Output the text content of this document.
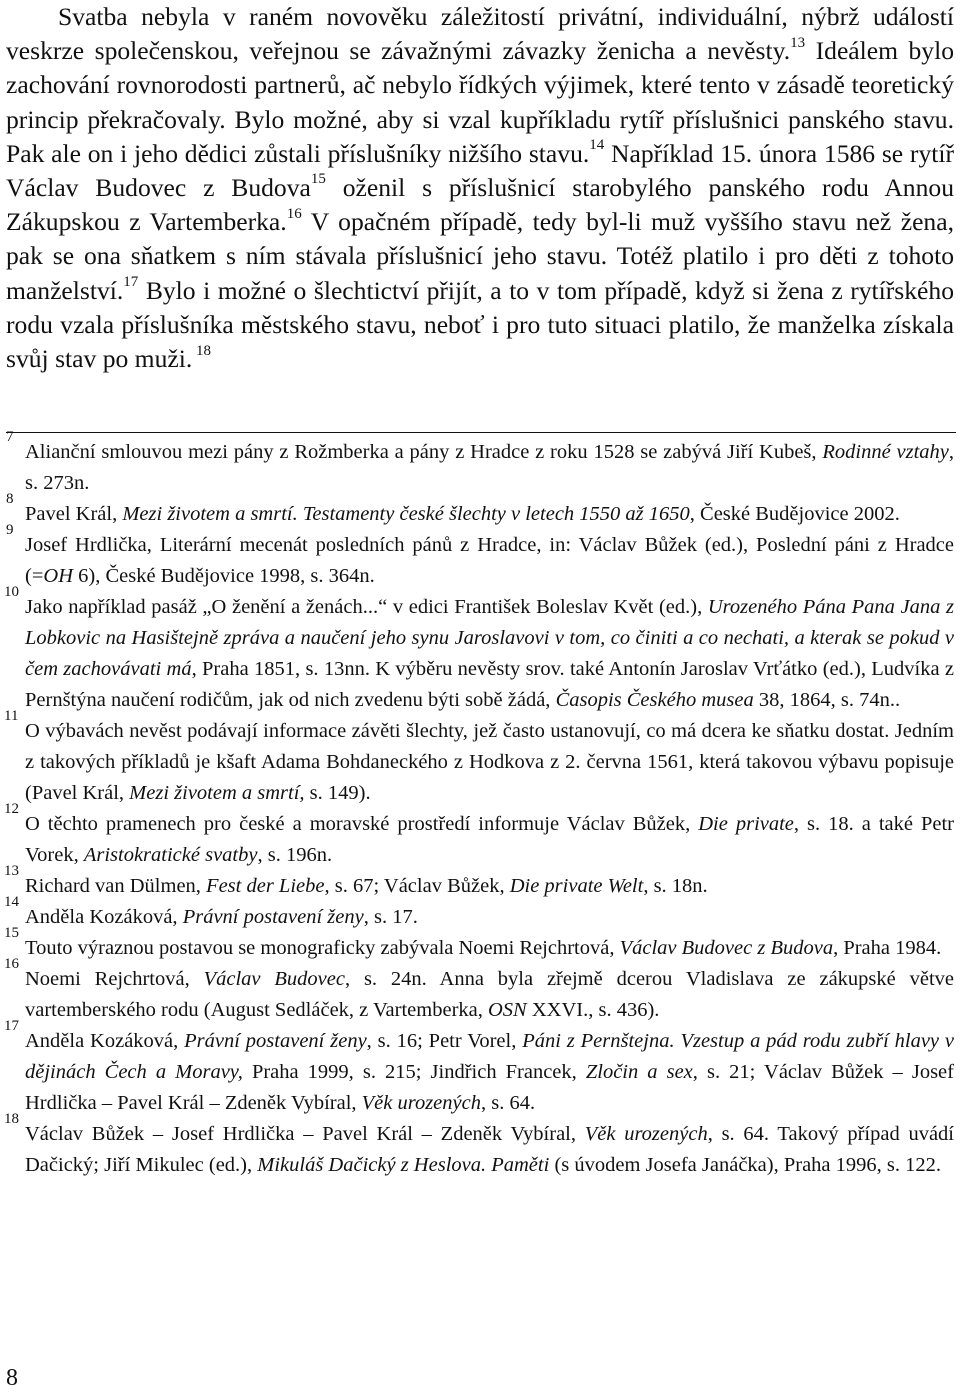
Svatba nebyla v raném novověku záležitostí privátní, individuální, nýbrž událostí veskrze společenskou, veřejnou se závažnými závazky ženicha a nevěsty.$^{13}$ Ideálem bylo zachování rovnorodosti partnerů, ač nebylo řídkých výjimek, které tento v zásadě teoretický princip překračovaly. Bylo možné, aby si vzal kupříkladu rytíř příslušnici panského stavu. Pak ale on i jeho dědici zůstali příslušníky nižšího stavu.$^{14}$ Například 15. února 1586 se rytíř Václav Budovec z Budova$^{15}$ oženil s příslušnicí starobylého panského rodu Annou Zákupskou z Vartemberka.$^{16}$ V opačném případě, tedy byl-li muž vyššího stavu než žena, pak se ona sňatkem s ním stávala příslušnicí jeho stavu. Totéž platilo i pro děti z tohoto manželství.$^{17}$ Bylo i možné o šlechtictví přijít, a to v tom případě, když si žena z rytířského rodu vzala příslušníka městského stavu, neboť i pro tuto situaci platilo, že manželka získala svůj stav po muži. $^{18}$

7
Alianční smlouvou mezi pány z Rožmberka a pány z Hradce z roku 1528 se zabývá Jiří Kubeš, Rodinné vztahy, s. 273n.

8
Pavel Král, Mezi životem a smrtí. Testamenty české šlechty v letech 1550 až 1650, České Budějovice 2002.

9
Josef Hrdlička, Literární mecenát posledních pánů z Hradce, in: Václav Bůžek (ed.), Poslední páni z Hradce (=OH 6), České Budějovice 1998, s. 364n.

10
Jako například pasáž „O ženění a ženách...“ v edici František Boleslav Květ (ed.), Urozeného Pána Pana Jana z Lobkovic na Hasištejně zpráva a naučení jeho synu Jaroslavovi v tom, co činiti a co nechati, a kterak se pokud v čem zachovávati má, Praha 1851, s. 13nn. K výběru nevěsty srov. také Antonín Jaroslav Vrťátko (ed.), Ludvíka z Pernštýna naučení rodičům, jak od nich zvedenu býti sobě žádá, Časopis Českého musea 38, 1864, s. 74n..

11
O výbavách nevěst podávají informace závěti šlechty, jež často ustanovují, co má dcera ke sňatku dostat. Jedním z takových příkladů je kšaft Adama Bohdaneckého z Hodkova z 2. června 1561, která takovou výbavu popisuje (Pavel Král, Mezi životem a smrtí, s. 149).

12
O těchto pramenech pro české a moravské prostředí informuje Václav Bůžek, Die private, s. 18. a také Petr Vorek, Aristokratické svatby, s. 196n.

13
Richard van Dülmen, Fest der Liebe, s. 67; Václav Bůžek, Die private Welt, s. 18n.

14
Anděla Kozáková, Právní postavení ženy, s. 17.

15
Touto výraznou postavou se monograficky zabývala Noemi Rejchrtová, Václav Budovec z Budova, Praha 1984.

16
Noemi Rejchrtová, Václav Budovec, s. 24n. Anna byla zřejmě dcerou Vladislava ze zákupské větve vartemberského rodu (August Sedláček, z Vartemberka, OSN XXVI., s. 436).

17
Anděla Kozáková, Právní postavení ženy, s. 16; Petr Vorel, Páni z Pernštejna. Vzestup a pád rodu zubří hlavy v dějinách Čech a Moravy, Praha 1999, s. 215; Jindřich Francek, Zločin a sex, s. 21; Václav Bůžek – Josef Hrdlička – Pavel Král – Zdeněk Vybíral, Věk urozených, s. 64.

18
Václav Bůžek – Josef Hrdlička – Pavel Král – Zdeněk Vybíral, Věk urozených, s. 64. Takový případ uvádí Dačický; Jiří Mikulec (ed.), Mikuláš Dačický z Heslova. Paměti (s úvodem Josefa Janáčka), Praha 1996, s. 122.

8
